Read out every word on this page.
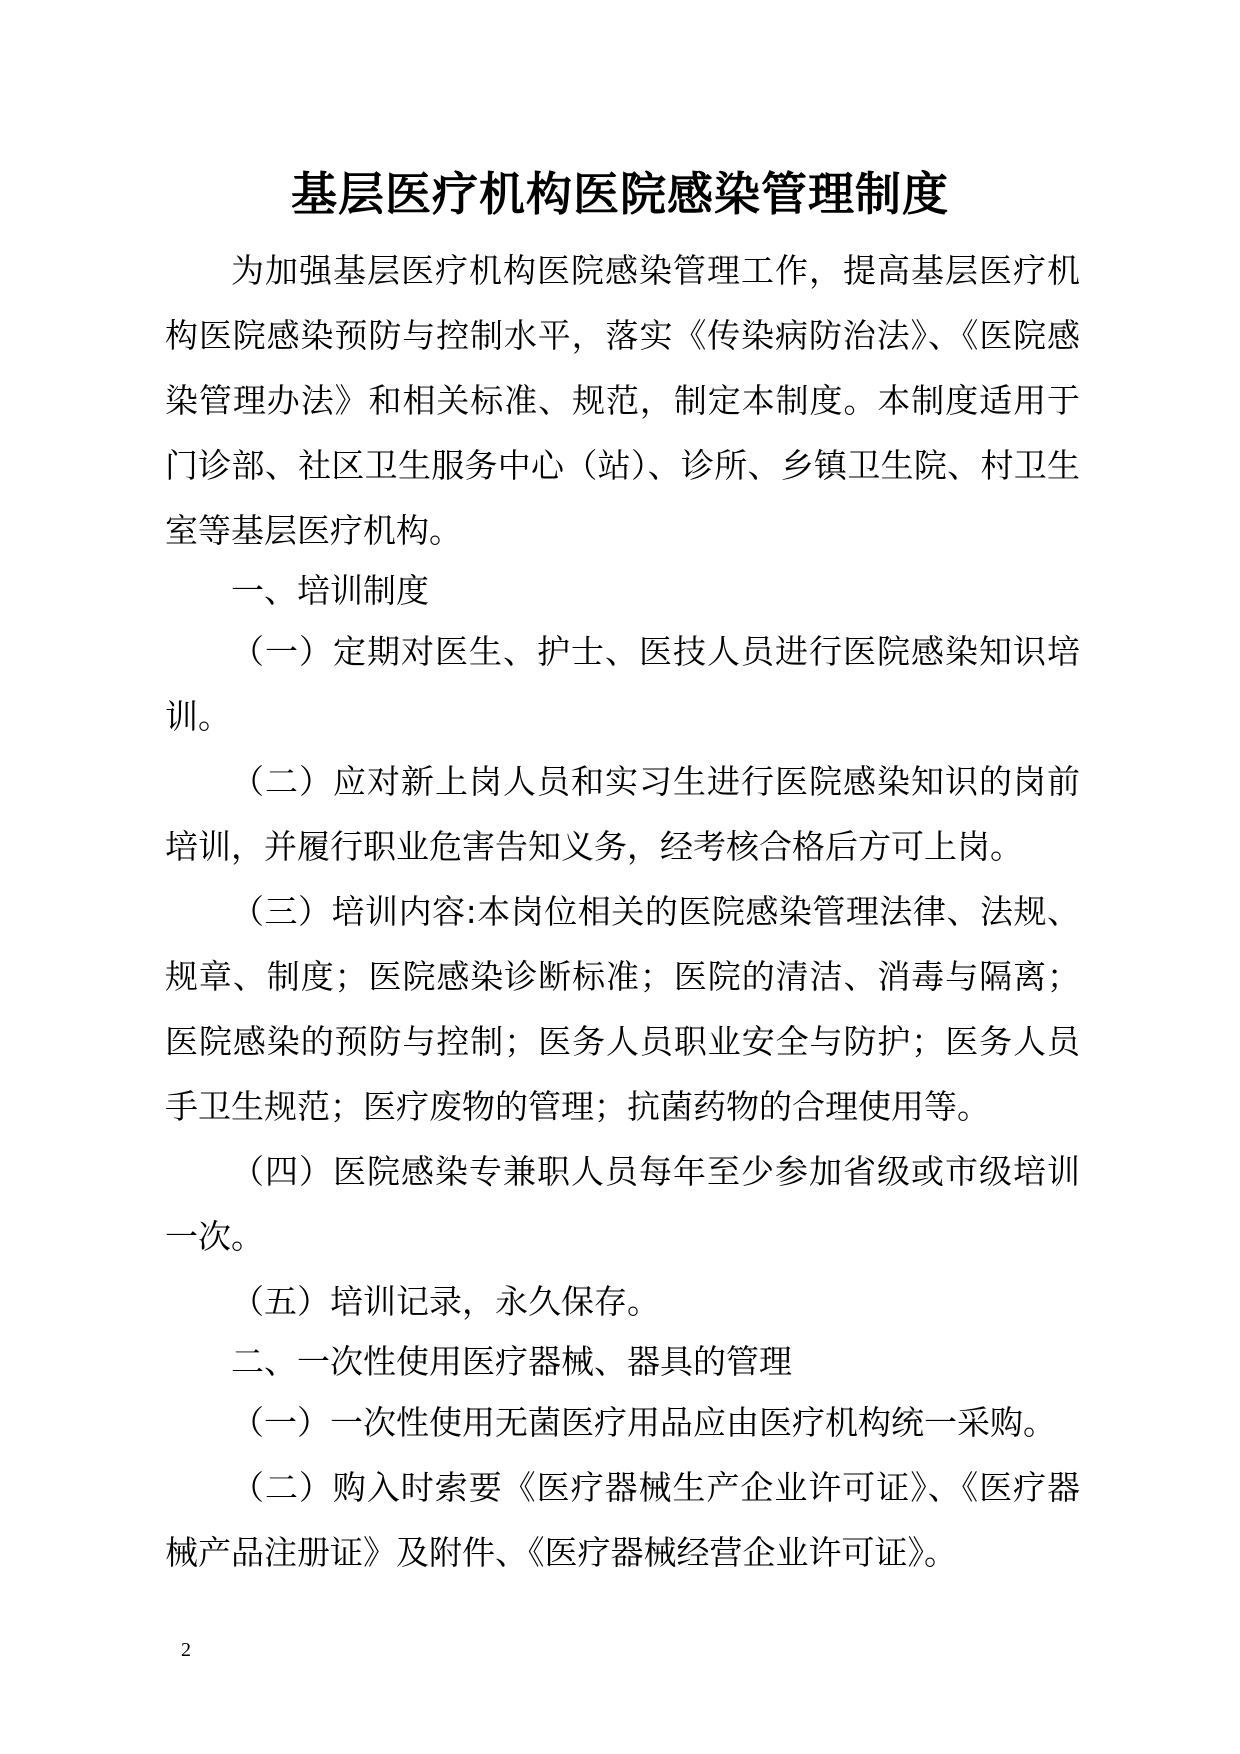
基层医疗机构医院感染管理制度

为加强基层医疗机构医院感染管理工作，提高基层医疗机构医院感染预防与控制水平，落实《传染病防治法》、《医院感染管理办法》和相关标准、规范，制定本制度。本制度适用于门诊部、社区卫生服务中心（站）、诊所、乡镇卫生院、村卫生室等基层医疗机构。

一、培训制度

（一）定期对医生、护士、医技人员进行医院感染知识培训。

（二）应对新上岗人员和实习生进行医院感染知识的岗前培训，并履行职业危害告知义务，经考核合格后方可上岗。

（三）培训内容:本岗位相关的医院感染管理法律、法规、规章、制度；医院感染诊断标准；医院的清洁、消毒与隔离；医院感染的预防与控制；医务人员职业安全与防护；医务人员手卫生规范；医疗废物的管理；抗菌药物的合理使用等。

（四）医院感染专兼职人员每年至少参加省级或市级培训一次。

（五）培训记录，永久保存。

二、一次性使用医疗器械、器具的管理

（一）一次性使用无菌医疗用品应由医疗机构统一采购。

（二）购入时索要《医疗器械生产企业许可证》、《医疗器械产品注册证》及附件、《医疗器械经营企业许可证》。

2
